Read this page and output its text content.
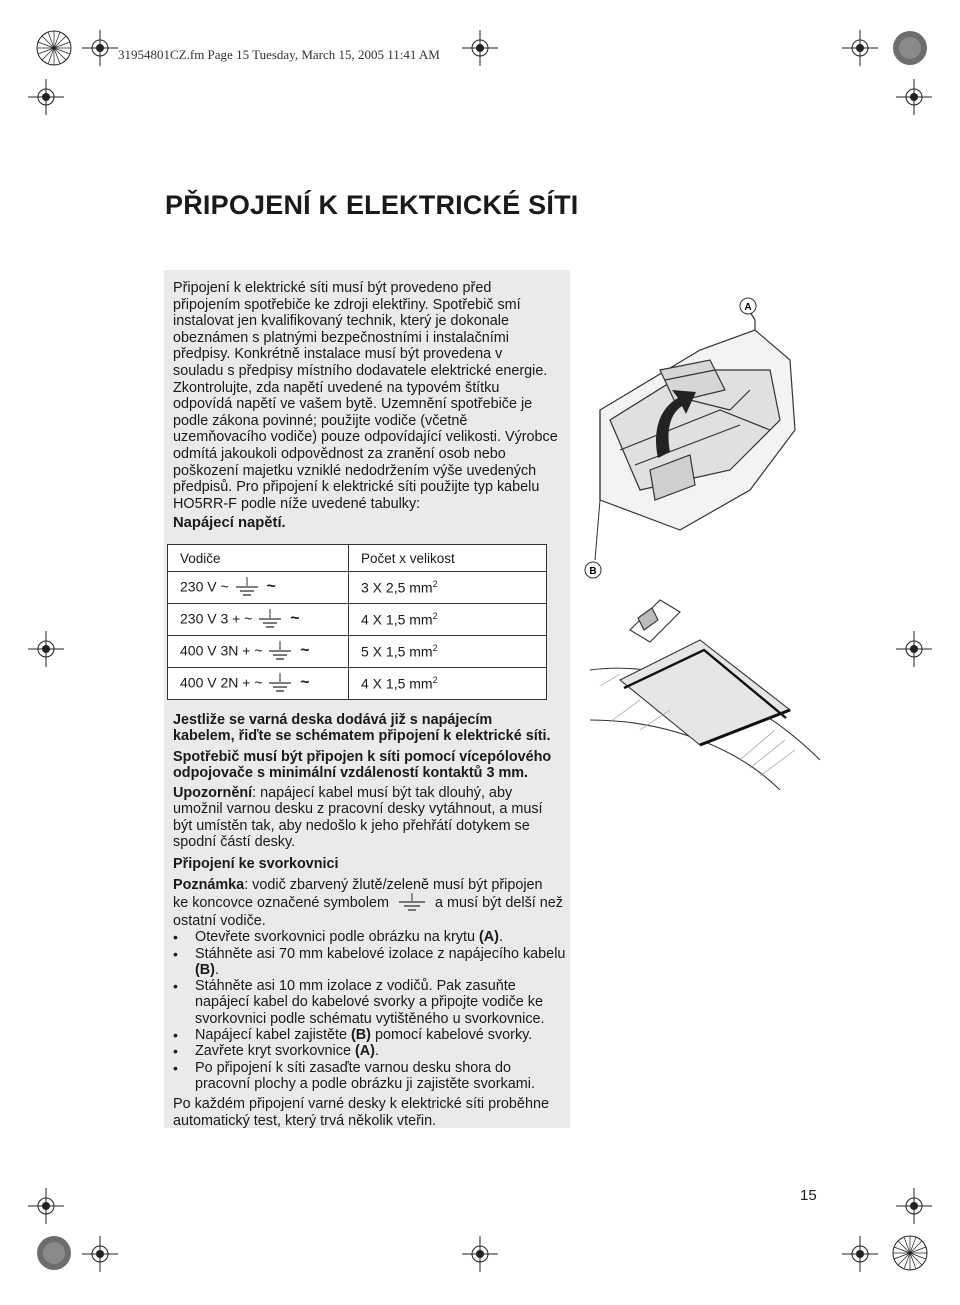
31954801CZ.fm Page 15 Tuesday, March 15, 2005 11:41 AM
PŘIPOJENÍ K ELEKTRICKÉ SÍTI

Připojení k elektrické síti musí být provedeno před

připojením spotřebiče ke zdroji elektřiny. Spotřebič smí

instalovat jen kvalifikovaný technik, který je dokonale

obeznámen s platnými bezpečnostními i instalačními

předpisy. Konkrétně instalace musí být provedena v

souladu s předpisy místního dodavatele elektrické energie.

Zkontrolujte, zda napětí uvedené na typovém štítku

odpovídá napětí ve vašem bytě. Uzemnění spotřebiče je

podle zákona povinné; použijte vodiče (včetně

uzemňovacího vodiče) pouze odpovídající velikosti. Výrobce

odmítá jakoukoli odpovědnost za zranění osob nebo

poškození majetku vzniklé nedodržením výše uvedených

předpisů. Pro připojení k elektrické síti použijte typ kabelu

HO5RR-F podle níže uvedené tabulky:

Napájecí napětí.
Vodiče	Počet x velikost
230 V ~ ~	3 X 2,5 $mm^2$
230 V 3 + ~ ~	4 X 1,5 $mm^2$
400 V 3N + ~ ~	5 X 1,5 $mm^2$
400 V 2N + ~ ~	4 X 1,5 $mm^2$

Jestliže se varná deska dodává již s napájecím

kabelem, řiďte se schématem připojení k elektrické síti.

Spotřebič musí být připojen k síti pomocí vícepólového

odpojovače s minimální vzdáleností kontaktů 3 mm.

Upozornění: napájecí kabel musí být tak dlouhý, aby

umožnil varnou desku z pracovní desky vytáhnout, a musí

být umístěn tak, aby nedošlo k jeho přehřátí dotykem se

spodní částí desky.

Připojení ke svorkovnici

Poznámka: vodič zbarvený žlutě/zeleně musí být připojen

ke koncovce označené symbolem	a musí být delší než

ostatní vodiče.

• Otevřete svorkovnici podle obrázku na krytu (A).
• Stáhněte asi 70 mm kabelové izolace z napájecího kabelu (B).
• Stáhněte asi 10 mm izolace z vodičů. Pak zasuňte napájecí kabel do kabelové svorky a připojte vodiče ke svorkovnici podle schématu vytištěného u svorkovnice.
• Napájecí kabel zajistěte (B) pomocí kabelové svorky.
• Zavřete kryt svorkovnice (A).
• Po připojení k síti zasaďte varnou desku shora do pracovní plochy a podle obrázku ji zajistěte svorkami.

Po každém připojení varné desky k elektrické síti proběhne

automatický test, který trvá několik vteřin.

A
B
15
